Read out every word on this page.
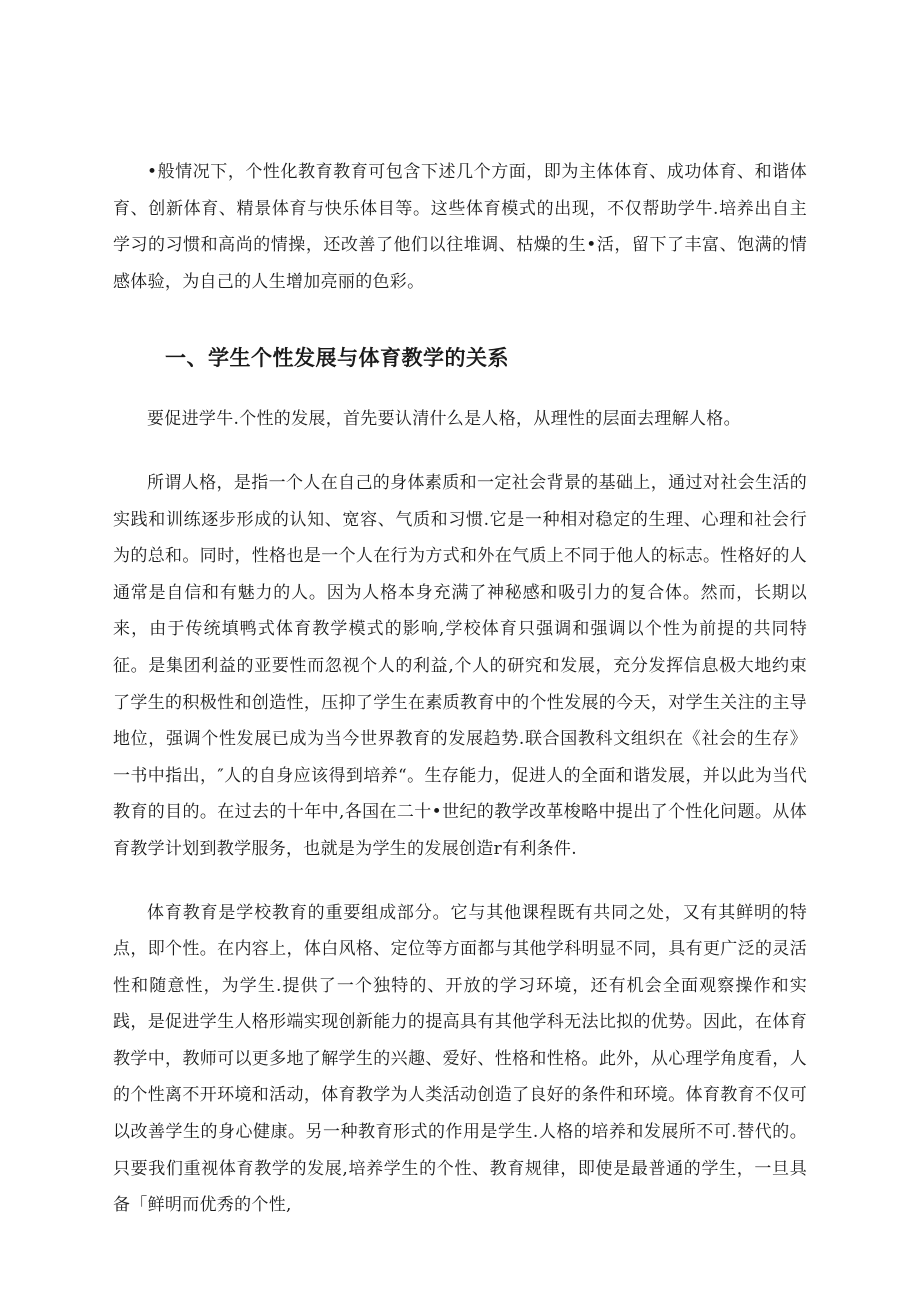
•般情况下，个性化教育教育可包含下述几个方面，即为主体体育、成功体育、和谐体育、创新体育、精景体育与快乐体目等。这些体育模式的出现，不仅帮助学牛.培养出自主学习的习惯和高尚的情操，还改善了他们以往堆调、枯燥的生•活，留下了丰富、饱满的情感体验，为自己的人生增加亮丽的色彩。

一、学生个性发展与体育教学的关系

要促进学牛.个性的发展，首先要认清什么是人格，从理性的层面去理解人格。

所谓人格，是指一个人在自己的身体素质和一定社会背景的基础上，通过对社会生活的实践和训练逐步形成的认知、宽容、气质和习惯.它是一种相对稳定的生理、心理和社会行为的总和。同时，性格也是一个人在行为方式和外在气质上不同于他人的标志。性格好的人通常是自信和有魅力的人。因为人格本身充满了神秘感和吸引力的复合体。然而，长期以来，由于传统填鸭式体育教学模式的影响,学校体育只强调和强调以个性为前提的共同特征。是集团利益的亚要性而忽视个人的利益,个人的研究和发展，充分发挥信息极大地约束了学生的积极性和创造性，压抑了学生在素质教育中的个性发展的今天，对学生关注的主导地位，强调个性发展已成为当今世界教育的发展趋势.联合国教科文组织在《社会的生存》一书中指出，″人的自身应该得到培养“。生存能力，促进人的全面和谐发展，并以此为当代教育的目的。在过去的十年中,各国在二十•世纪的教学改革梭略中提出了个性化问题。从体育教学计划到教学服务，也就是为学生的发展创造r有利条件.

体育教育是学校教育的重要组成部分。它与其他课程既有共同之处，又有其鲜明的特点，即个性。在内容上，体白风格、定位等方面都与其他学科明显不同，具有更广泛的灵活性和随意性，为学生.提供了一个独特的、开放的学习环境，还有机会全面观察操作和实践，是促进学生人格形端实现创新能力的提高具有其他学科无法比拟的优势。因此，在体育教学中，教师可以更多地了解学生的兴趣、爱好、性格和性格。此外，从心理学角度看，人的个性离不开环境和活动，体育教学为人类活动创造了良好的条件和环境。体育教育不仅可以改善学生的身心健康。另一种教育形式的作用是学生.人格的培养和发展所不可.替代的。只要我们重视体育教学的发展,培养学生的个性、教育规律，即使是最普通的学生，一旦具备「鲜明而优秀的个性,
